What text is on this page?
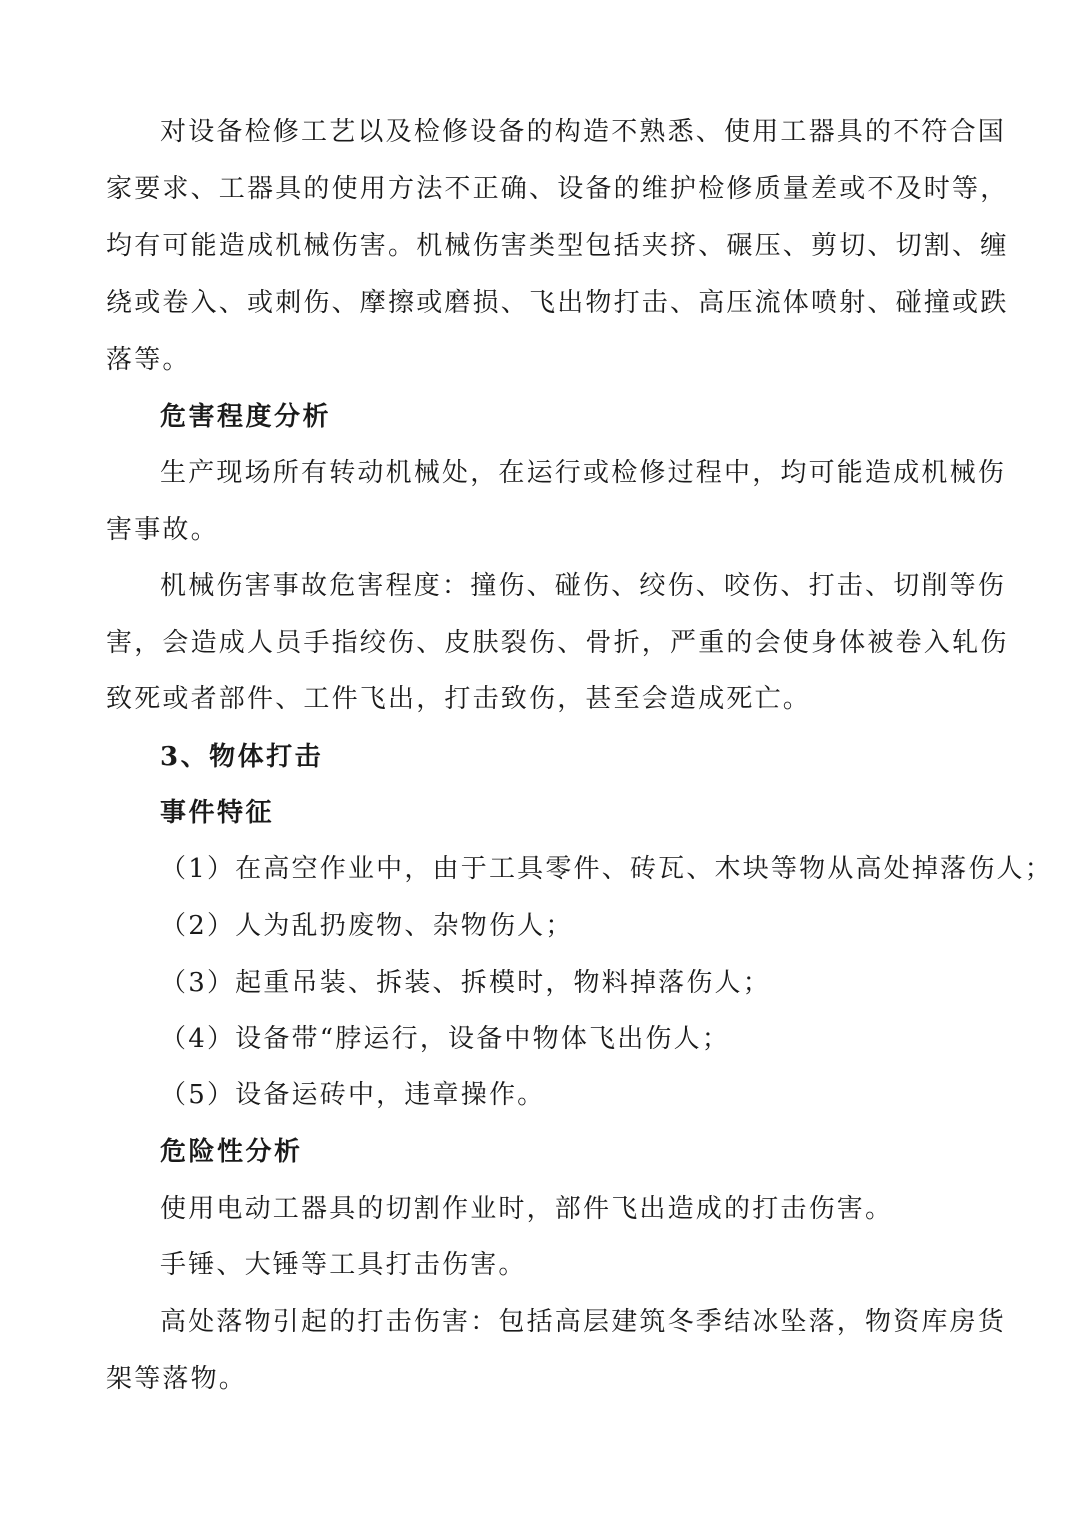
对设备检修工艺以及检修设备的构造不熟悉、使用工器具的不符合国
家要求、工器具的使用方法不正确、设备的维护检修质量差或不及时等，
均有可能造成机械伤害。机械伤害类型包括夹挤、碾压、剪切、切割、缠
绕或卷入、或刺伤、摩擦或磨损、飞出物打击、高压流体喷射、碰撞或跌
落等。
危害程度分析
生产现场所有转动机械处，在运行或检修过程中，均可能造成机械伤
害事故。
机械伤害事故危害程度：撞伤、碰伤、绞伤、咬伤、打击、切削等伤
害，会造成人员手指绞伤、皮肤裂伤、骨折，严重的会使身体被卷入轧伤
致死或者部件、工件飞出，打击致伤，甚至会造成死亡。
3、物体打击
事件特征
（1）在高空作业中，由于工具零件、砖瓦、木块等物从高处掉落伤人；
（2）人为乱扔废物、杂物伤人；
（3）起重吊装、拆装、拆模时，物料掉落伤人；
（4）设备带“脖运行，设备中物体飞出伤人；
（5）设备运砖中，违章操作。
危险性分析
使用电动工器具的切割作业时，部件飞出造成的打击伤害。
手锤、大锤等工具打击伤害。
高处落物引起的打击伤害：包括高层建筑冬季结冰坠落，物资库房货
架等落物。
